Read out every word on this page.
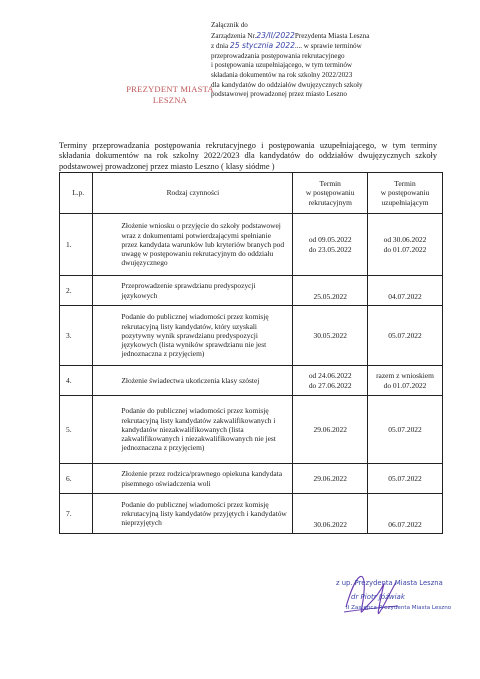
Załącznik do
Zarządzenia Nr.23/II/2022Prezydenta Miasta Leszna
z dnia 25 stycznia 2022.... w sprawie terminów
przeprowadzania postępowania rekrutacyjnego
i postępowania uzupełniającego, w tym terminów
składania dokumentów na rok szkolny 2022/2023
dla kandydatów do oddziałów dwujęzycznych szkoły
podstawowej prowadzonej przez miasto Leszno
PREZYDENT MIASTA
LESZNA
Terminy przeprowadzania postępowania rekrutacyjnego i postępowania uzupełniającego, w tym terminy składania dokumentów na rok szkolny 2022/2023 dla kandydatów do oddziałów dwujęzycznych szkoły podstawowej prowadzonej przez miasto Leszno ( klasy siódme )
L.p.	Rodzaj czynności	Termin
w postępowaniu
rekrutacyjnym	Termin
w postępowaniu
uzupełniającym
1.	Złożenie wniosku o przyjęcie do szkoły podstawowej wraz z dokumentami potwierdzającymi spełnianie przez kandydata warunków lub kryteriów branych pod uwagę w postępowaniu rekrutacyjnym do oddziału dwujęzycznego	od 09.05.2022
do 23.05.2022	od 30.06.2022
do 01.07.2022
2.	Przeprowadzenie sprawdzianu predyspozycji językowych	25.05.2022	04.07.2022
3.	Podanie do publicznej wiadomości przez komisję rekrutacyjną listy kandydatów, który uzyskali pozytywny wynik sprawdzianu predyspozycji językowych (lista wyników sprawdzianu nie jest jednoznaczna z przyjęciem)	30.05.2022	05.07.2022
4.	Złożenie świadectwa ukończenia klasy szóstej	od 24.06.2022
do 27.06.2022	razem z wnioskiem
do 01.07.2022
5.	Podanie do publicznej wiadomości przez komisję rekrutacyjną listy kandydatów zakwalifikowanych i kandydatów niezakwalifikowanych (lista zakwalifikowanych i niezakwalifikowanych nie jest jednoznaczna z przyjęciem)	29.06.2022	05.07.2022
6.	Złożenie przez rodzica/prawnego opiekuna kandydata pisemnego oświadczenia woli	29.06.2022	05.07.2022
7.	Podanie do publicznej wiadomości przez komisję rekrutacyjną listy kandydatów przyjętych i kandydatów nieprzyjętych	30.06.2022	06.07.2022
z up. Prezydenta Miasta Leszna
dr Piotr Jóźwiak
II Zastępca Prezydenta Miasta Leszno
